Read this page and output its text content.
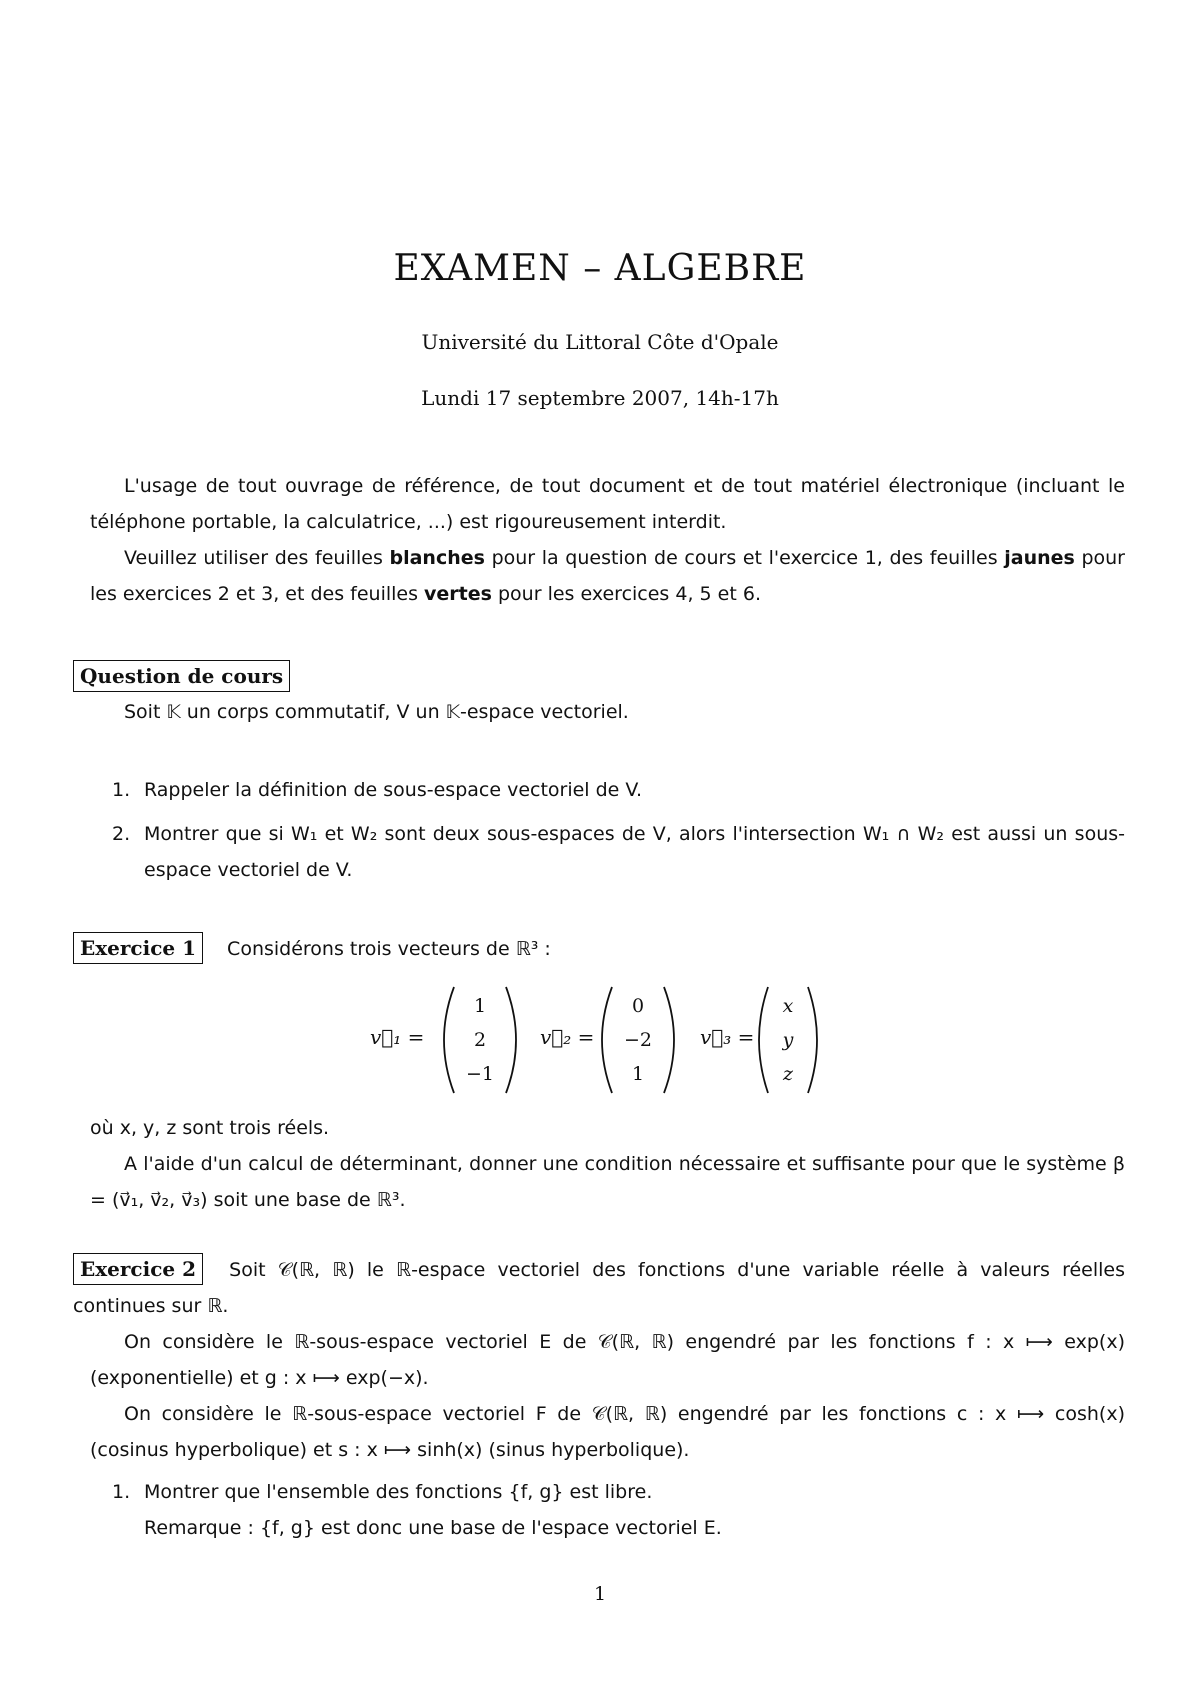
EXAMEN – ALGEBRE
Université du Littoral Côte d'Opale
Lundi 17 septembre 2007, 14h-17h
L'usage de tout ouvrage de référence, de tout document et de tout matériel électronique (incluant le téléphone portable, la calculatrice, ...) est rigoureusement interdit.
Veuillez utiliser des feuilles blanches pour la question de cours et l'exercice 1, des feuilles jaunes pour les exercices 2 et 3, et des feuilles vertes pour les exercices 4, 5 et 6.
Question de cours
Soit 𝕂 un corps commutatif, V un 𝕂-espace vectoriel.
1. Rappeler la définition de sous-espace vectoriel de V.
2. Montrer que si W₁ et W₂ sont deux sous-espaces de V, alors l'intersection W₁ ∩ W₂ est aussi un sous-espace vectoriel de V.
Exercice 1 Considérons trois vecteurs de ℝ³ :
v⃗₁ =
1
2
−1
v⃗₂ =
0
−2
1
v⃗₃ =
x
y
z
où x, y, z sont trois réels.
A l'aide d'un calcul de déterminant, donner une condition nécessaire et suffisante pour que le système β = (v⃗₁, v⃗₂, v⃗₃) soit une base de ℝ³.
Exercice 2 Soit 𝒞(ℝ, ℝ) le ℝ-espace vectoriel des fonctions d'une variable réelle à valeurs réelles continues sur ℝ.
On considère le ℝ-sous-espace vectoriel E de 𝒞(ℝ, ℝ) engendré par les fonctions f : x ⟼ exp(x) (exponentielle) et g : x ⟼ exp(−x).
On considère le ℝ-sous-espace vectoriel F de 𝒞(ℝ, ℝ) engendré par les fonctions c : x ⟼ cosh(x) (cosinus hyperbolique) et s : x ⟼ sinh(x) (sinus hyperbolique).
1. Montrer que l'ensemble des fonctions {f, g} est libre.
Remarque : {f, g} est donc une base de l'espace vectoriel E.
1
